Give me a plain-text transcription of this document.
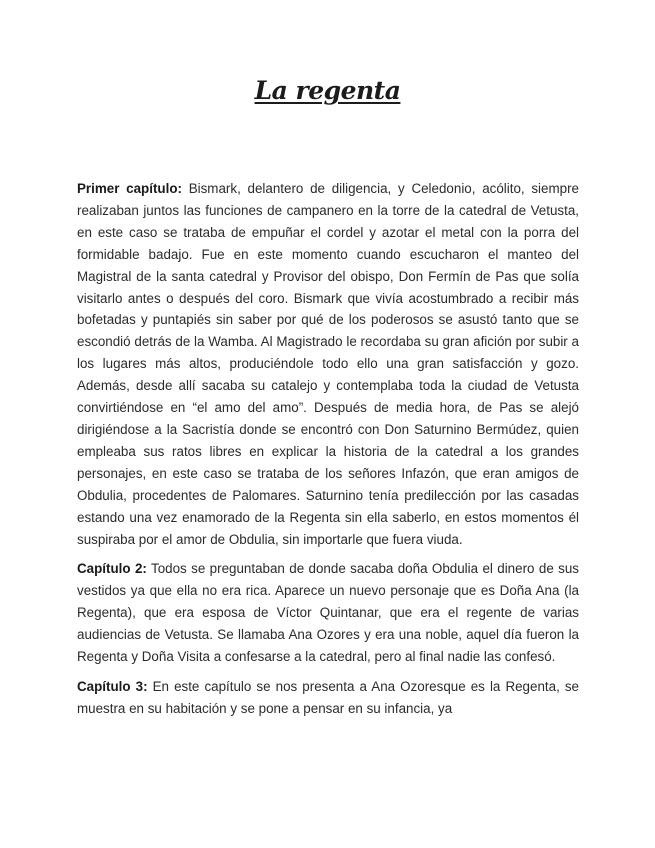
La regenta

Primer capítulo: Bismark, delantero de diligencia, y Celedonio, acólito, siempre realizaban juntos las funciones de campanero en la torre de la catedral de Vetusta, en este caso se trataba de empuñar el cordel y azotar el metal con la porra del formidable badajo. Fue en este momento cuando escucharon el manteo del Magistral de la santa catedral y Provisor del obispo, Don Fermín de Pas que solía visitarlo antes o después del coro. Bismark que vivía acostumbrado a recibir más bofetadas y puntapiés sin saber por qué de los poderosos se asustó tanto que se escondió detrás de la Wamba. Al Magistrado le recordaba su gran afición por subir a los lugares más altos, produciéndole todo ello una gran satisfacción y gozo. Además, desde allí sacaba su catalejo y contemplaba toda la ciudad de Vetusta convirtiéndose en “el amo del amo”. Después de media hora, de Pas se alejó dirigiéndose a la Sacristía donde se encontró con Don Saturnino Bermúdez, quien empleaba sus ratos libres en explicar la historia de la catedral a los grandes personajes, en este caso se trataba de los señores Infazón, que eran amigos de Obdulia, procedentes de Palomares. Saturnino tenía predilección por las casadas estando una vez enamorado de la Regenta sin ella saberlo, en estos momentos él suspiraba por el amor de Obdulia, sin importarle que fuera viuda.

Capítulo 2: Todos se preguntaban de donde sacaba doña Obdulia el dinero de sus vestidos ya que ella no era rica. Aparece un nuevo personaje que es Doña Ana (la Regenta), que era esposa de Víctor Quintanar, que era el regente de varias audiencias de Vetusta. Se llamaba Ana Ozores y era una noble, aquel día fueron la Regenta y Doña Visita a confesarse a la catedral, pero al final nadie las confesó.

Capítulo 3: En este capítulo se nos presenta a Ana Ozoresque es la Regenta, se muestra en su habitación y se pone a pensar en su infancia, ya
